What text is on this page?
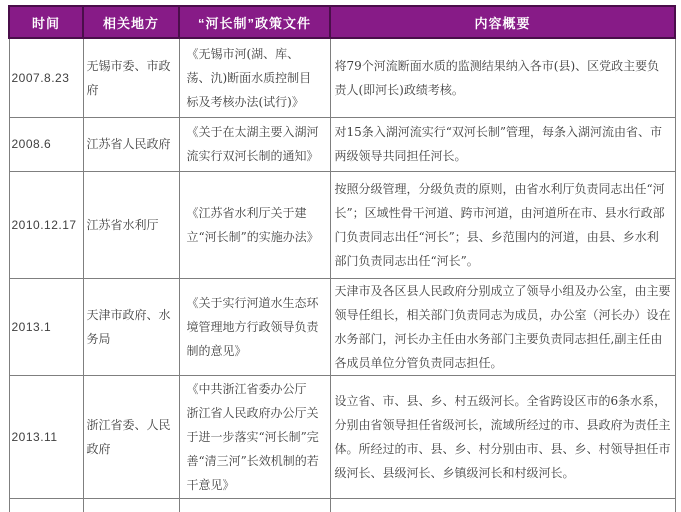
时间	相关地方	“河长制”政策文件	内容概要
2007.8.23	无锡市委、市政府	《无锡市河(湖、库、荡、氿)断面水质控制目标及考核办法(试行)》	将79个河流断面水质的监测结果纳入各市(县)、区党政主要负责人(即河长)政绩考核。
2008.6	江苏省人民政府	《关于在太湖主要入湖河流实行双河长制的通知》	对15条入湖河流实行“双河长制”管理，每条入湖河流由省、市两级领导共同担任河长。
2010.12.17	江苏省水利厅	《江苏省水利厅关于建立“河长制”的实施办法》	按照分级管理，分级负责的原则，由省水利厅负责同志出任“河长”；区域性骨干河道、跨市河道，由河道所在市、县水行政部门负责同志出任“河长”；县、乡范围内的河道，由县、乡水利部门负责同志出任“河长”。
2013.1	天津市政府、水务局	《关于实行河道水生态环境管理地方行政领导负责制的意见》	天津市及各区县人民政府分别成立了领导小组及办公室，由主要领导任组长，相关部门负责同志为成员，办公室（河长办）设在水务部门，河长办主任由水务部门主要负责同志担任,副主任由各成员单位分管负责同志担任。
2013.11	浙江省委、人民政府	《中共浙江省委办公厅　浙江省人民政府办公厅关于进一步落实“河长制”完善“清三河”长效机制的若干意见》	设立省、市、县、乡、村五级河长。全省跨设区市的6条水系，分别由省领导担任省级河长，流域所经过的市、县政府为责任主体。所经过的市、县、乡、村分别由市、县、乡、村领导担任市级河长、县级河长、乡镇级河长和村级河长。
